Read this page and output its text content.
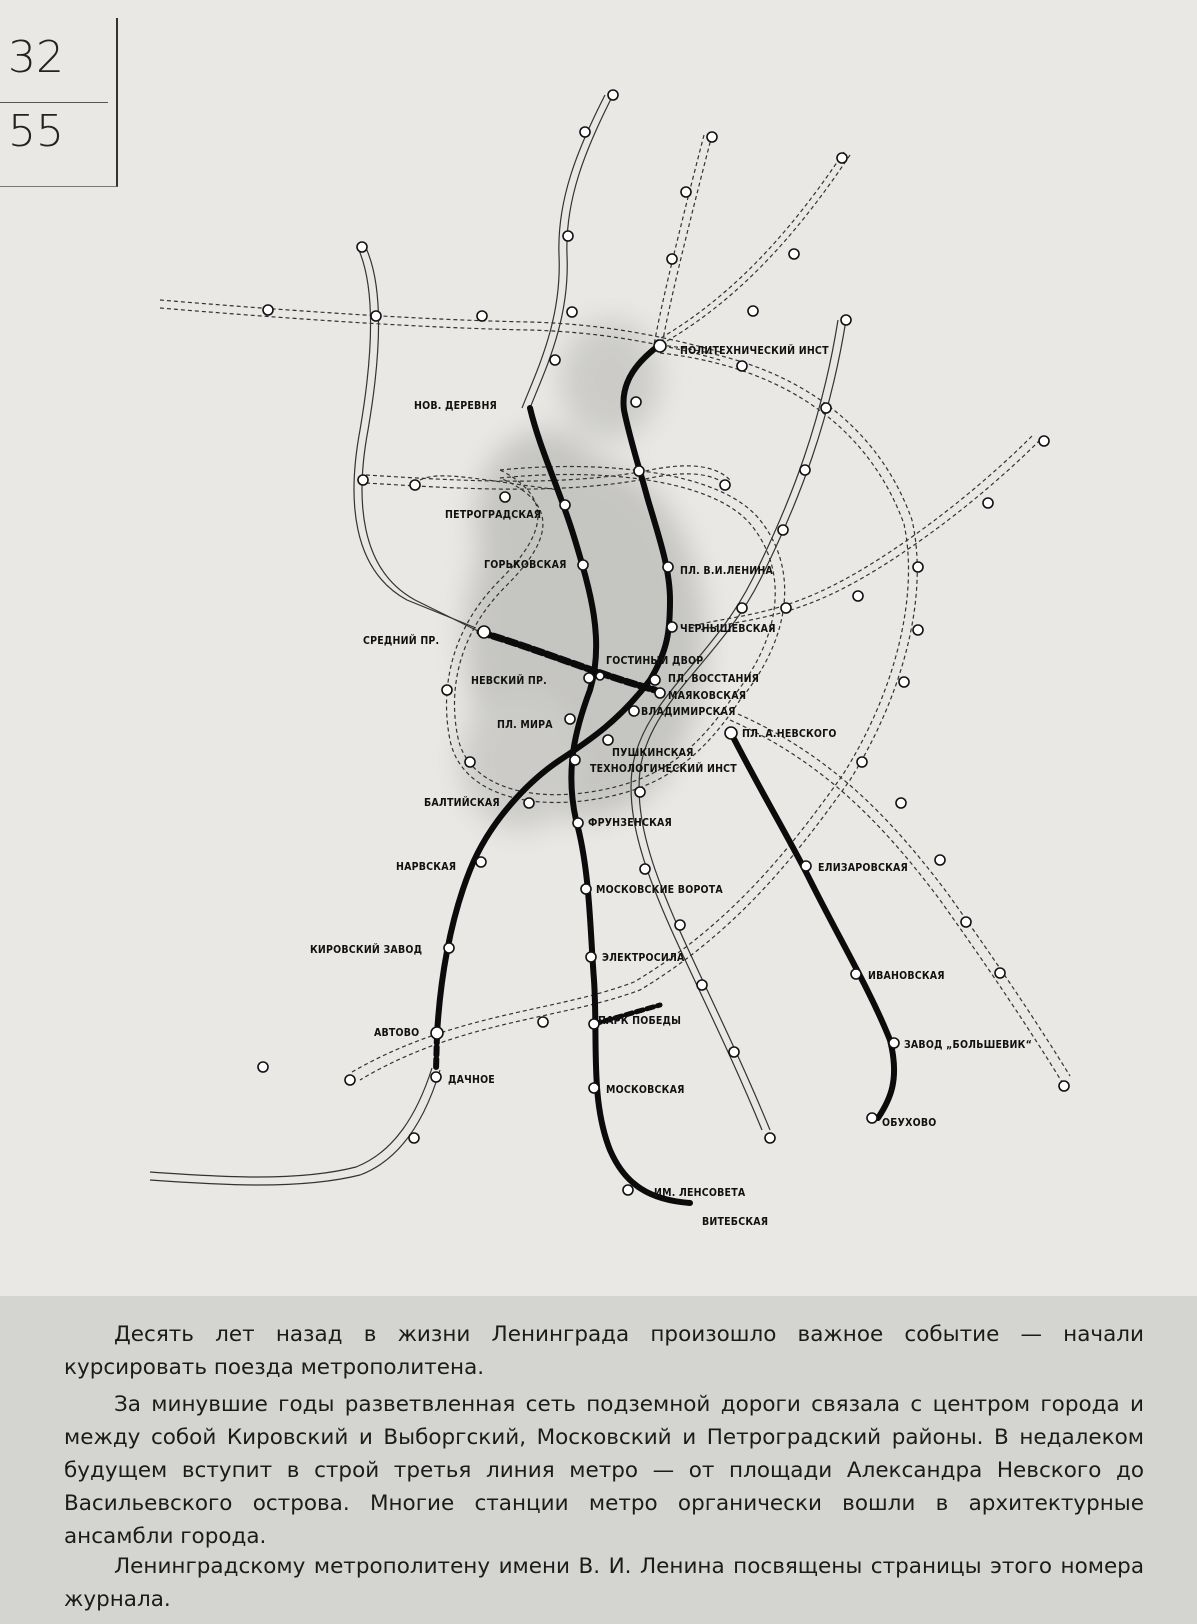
32
55
НОВ. ДЕРЕВНЯ
ПЕТРОГРАДСКАЯ
ГОРЬКОВСКАЯ
СРЕДНИЙ ПР.
НЕВСКИЙ ПР.
ПЛ. МИРА
БАЛТИЙСКАЯ
НАРВСКАЯ
КИРОВСКИЙ ЗАВОД
АВТОВО
ДАЧНОЕ
ПОЛИТЕХНИЧЕСКИЙ ИНСТ
ПЛ. В.И.ЛЕНИНА
ЧЕРНЫШЕВСКАЯ
ГОСТИНЫЙ ДВОР
ПЛ. ВОССТАНИЯ
МАЯКОВСКАЯ
ВЛАДИМИРСКАЯ
ПЛ. А.НЕВСКОГО
ПУШКИНСКАЯ
ТЕХНОЛОГИЧЕСКИЙ ИНСТ
ФРУНЗЕНСКАЯ
МОСКОВСКИЕ ВОРОТА
ЭЛЕКТРОСИЛА
ПАРК ПОБЕДЫ
МОСКОВСКАЯ
ИМ. ЛЕНСОВЕТА
ВИТЕБСКАЯ
ЕЛИЗАРОВСКАЯ
ИВАНОВСКАЯ
ЗАВОД „БОЛЬШЕВИК“
ОБУХОВО

Десять лет назад в жизни Ленинграда произошло важное событие — начали курсировать поезда метрополитена.

За минувшие годы разветвленная сеть подземной дороги связала с центром города и между собой Кировский и Выборгский, Московский и Петроградский районы. В недалеком будущем вступит в строй третья линия метро — от площади Александра Невского до Васильевского острова. Многие станции метро органически вошли в архитектурные ансамбли города.

Ленинградскому метрополитену имени В. И. Ленина посвящены страницы этого номера журнала.
